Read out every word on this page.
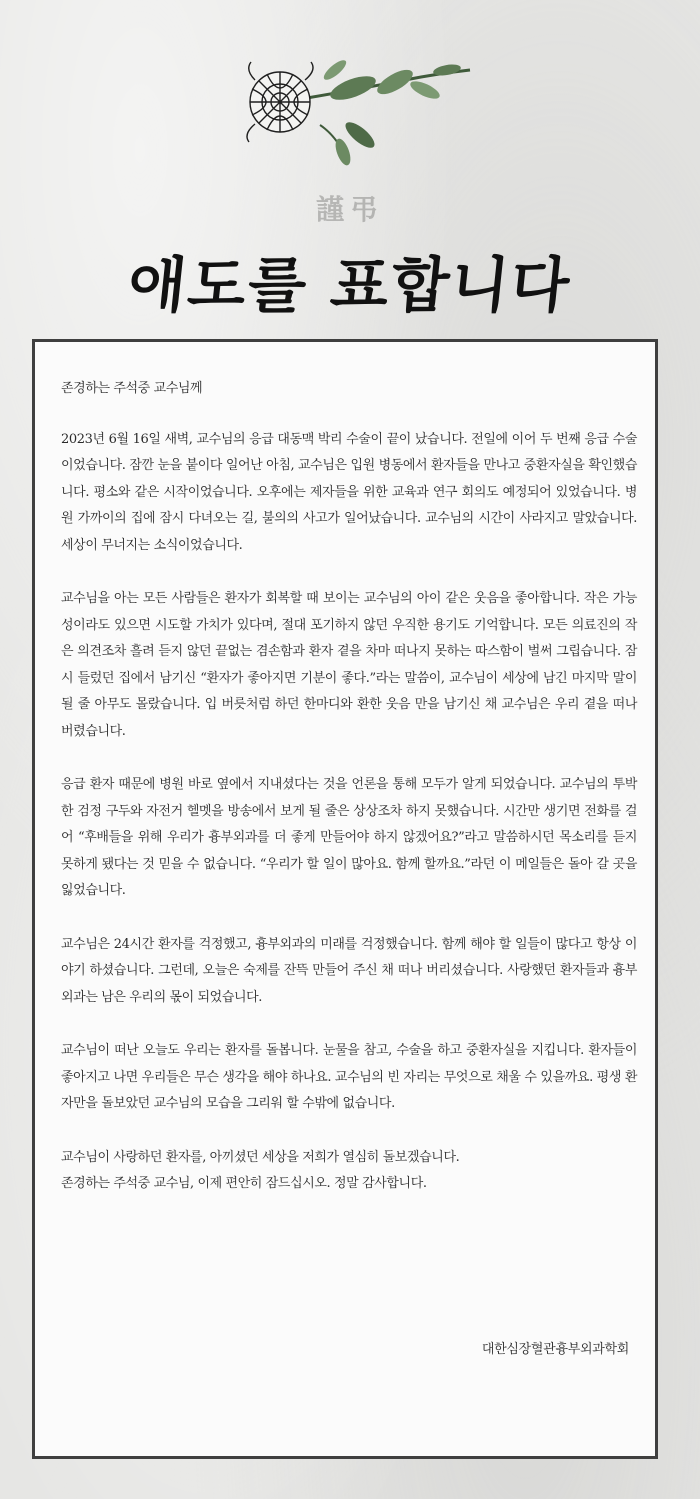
謹弔
애도를 표합니다

존경하는 주석중 교수님께

2023년 6월 16일 새벽, 교수님의 응급 대동맥 박리 수술이 끝이 났습니다. 전일에 이어 두 번째 응급 수술이었습니다. 잠깐 눈을 붙이다 일어난 아침, 교수님은 입원 병동에서 환자들을 만나고 중환자실을 확인했습니다. 평소와 같은 시작이었습니다. 오후에는 제자들을 위한 교육과 연구 회의도 예정되어 있었습니다. 병원 가까이의 집에 잠시 다녀오는 길, 불의의 사고가 일어났습니다. 교수님의 시간이 사라지고 말았습니다. 세상이 무너지는 소식이었습니다.

교수님을 아는 모든 사람들은 환자가 회복할 때 보이는 교수님의 아이 같은 웃음을 좋아합니다. 작은 가능성이라도 있으면 시도할 가치가 있다며, 절대 포기하지 않던 우직한 용기도 기억합니다. 모든 의료진의 작은 의견조차 흘려 듣지 않던 끝없는 겸손함과 환자 곁을 차마 떠나지 못하는 따스함이 벌써 그립습니다. 잠시 들렀던 집에서 남기신 “환자가 좋아지면 기분이 좋다.”라는 말씀이, 교수님이 세상에 남긴 마지막 말이 될 줄 아무도 몰랐습니다. 입 버릇처럼 하던 한마디와 환한 웃음 만을 남기신 채 교수님은 우리 곁을 떠나 버렸습니다.

응급 환자 때문에 병원 바로 옆에서 지내셨다는 것을 언론을 통해 모두가 알게 되었습니다. 교수님의 투박한 검정 구두와 자전거 헬멧을 방송에서 보게 될 줄은 상상조차 하지 못했습니다. 시간만 생기면 전화를 걸어 “후배들을 위해 우리가 흉부외과를 더 좋게 만들어야 하지 않겠어요?”라고 말씀하시던 목소리를 듣지 못하게 됐다는 것 믿을 수 없습니다. “우리가 할 일이 많아요. 함께 할까요.”라던 이 메일들은 돌아 갈 곳을 잃었습니다.

교수님은 24시간 환자를 걱정했고, 흉부외과의 미래를 걱정했습니다. 함께 해야 할 일들이 많다고 항상 이야기 하셨습니다. 그런데, 오늘은 숙제를 잔뜩 만들어 주신 채 떠나 버리셨습니다. 사랑했던 환자들과 흉부외과는 남은 우리의 몫이 되었습니다.

교수님이 떠난 오늘도 우리는 환자를 돌봅니다. 눈물을 참고, 수술을 하고 중환자실을 지킵니다. 환자들이 좋아지고 나면 우리들은 무슨 생각을 해야 하나요. 교수님의 빈 자리는 무엇으로 채울 수 있을까요. 평생 환자만을 돌보았던 교수님의 모습을 그리워 할 수밖에 없습니다.

교수님이 사랑하던 환자를, 아끼셨던 세상을 저희가 열심히 돌보겠습니다.

존경하는 주석중 교수님, 이제 편안히 잠드십시오. 정말 감사합니다.

대한심장혈관흉부외과학회
